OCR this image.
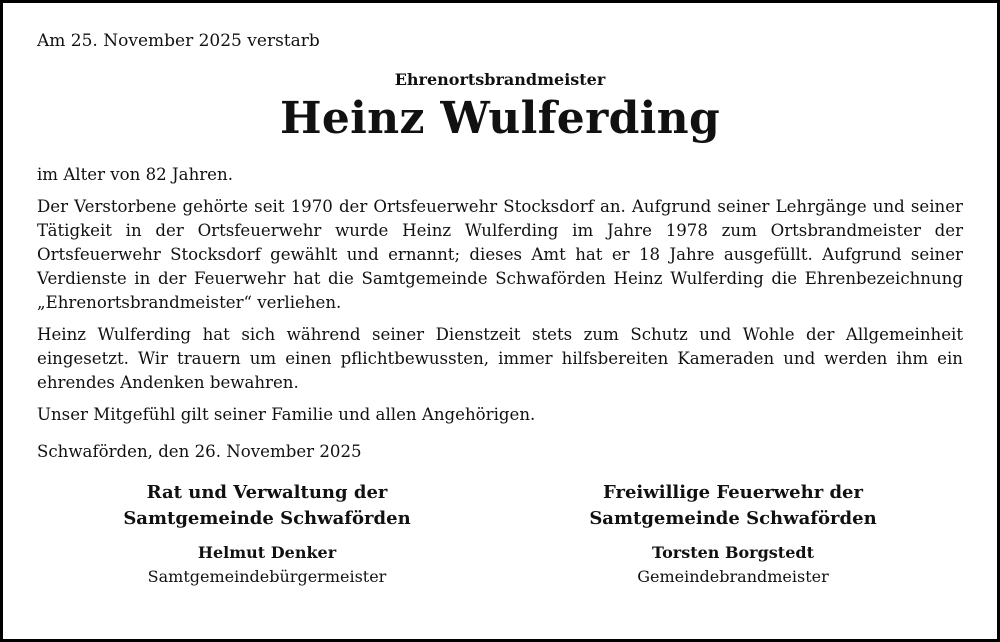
Am 25. November 2025 verstarb

Ehrenortsbrandmeister

Heinz Wulferding

im Alter von 82 Jahren.

Der Verstorbene gehörte seit 1970 der Ortsfeuerwehr Stocksdorf an. Aufgrund seiner Lehrgänge und seiner Tätigkeit in der Ortsfeuerwehr wurde Heinz Wulferding im Jahre 1978 zum Ortsbrandmeister der Ortsfeuerwehr Stocksdorf gewählt und ernannt; dieses Amt hat er 18 Jahre ausgefüllt. Aufgrund seiner Verdienste in der Feuerwehr hat die Samtgemeinde Schwaförden Heinz Wulferding die Ehrenbezeichnung „Ehrenortsbrandmeister“ verliehen.

Heinz Wulferding hat sich während seiner Dienstzeit stets zum Schutz und Wohle der Allgemeinheit eingesetzt. Wir trauern um einen pflichtbewussten, immer hilfsbereiten Kameraden und werden ihm ein ehrendes Andenken bewahren.

Unser Mitgefühl gilt seiner Familie und allen Angehörigen.

Schwaförden, den 26. November 2025

Rat und Verwaltung der

Samtgemeinde Schwaförden

Helmut Denker

Samtgemeindebürgermeister

Freiwillige Feuerwehr der

Samtgemeinde Schwaförden

Torsten Borgstedt

Gemeindebrandmeister
